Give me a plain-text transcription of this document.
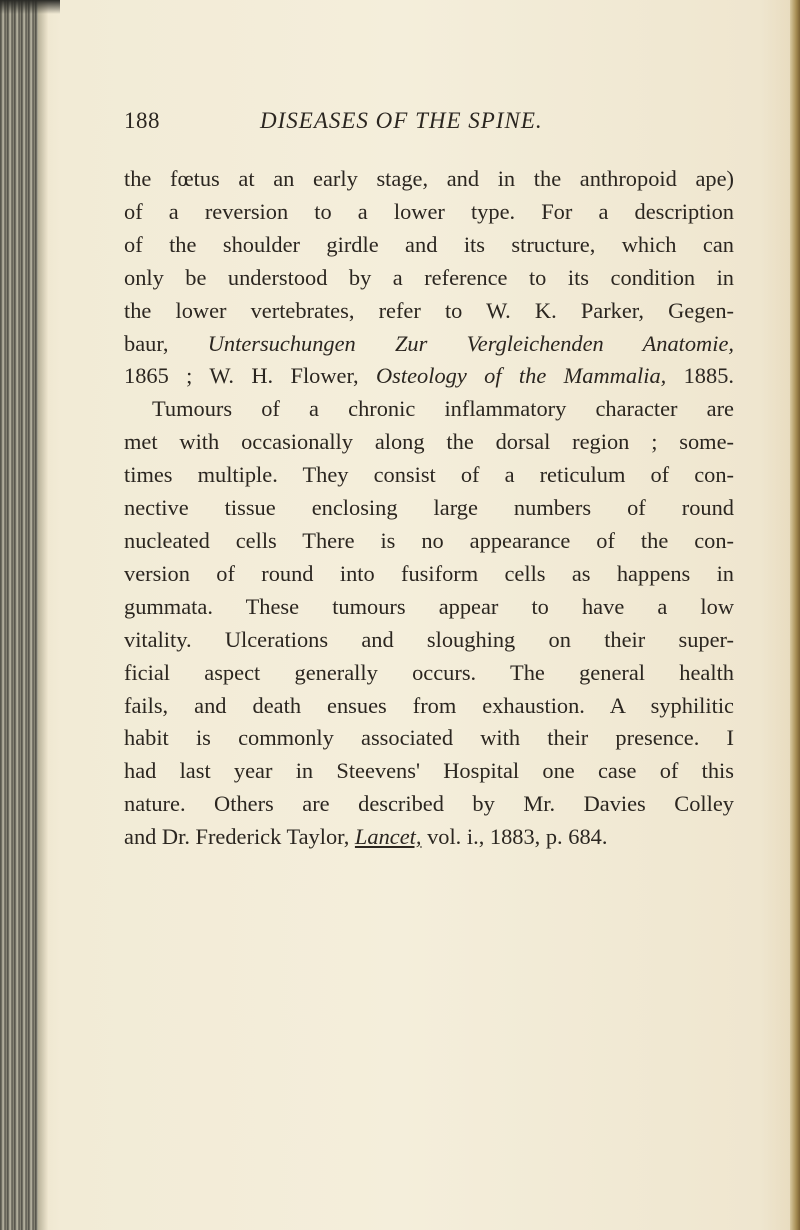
188	DISEASES OF THE SPINE.
the fœtus at an early stage, and in the anthropoid ape)
of a reversion to a lower type. For a description
of the shoulder girdle and its structure, which can
only be understood by a reference to its condition in
the lower vertebrates, refer to W. K. Parker, Gegen-
baur, Untersuchungen Zur Vergleichenden Anatomie,
1865 ; W. H. Flower, Osteology of the Mammalia, 1885.
Tumours of a chronic inflammatory character are
met with occasionally along the dorsal region ; some-
times multiple. They consist of a reticulum of con-
nective tissue enclosing large numbers of round
nucleated cells There is no appearance of the con-
version of round into fusiform cells as happens in
gummata. These tumours appear to have a low
vitality. Ulcerations and sloughing on their super-
ficial aspect generally occurs. The general health
fails, and death ensues from exhaustion. A syphilitic
habit is commonly associated with their presence. I
had last year in Steevens' Hospital one case of this
nature. Others are described by Mr. Davies Colley
and Dr. Frederick Taylor, Lancet, vol. i., 1883, p. 684.
